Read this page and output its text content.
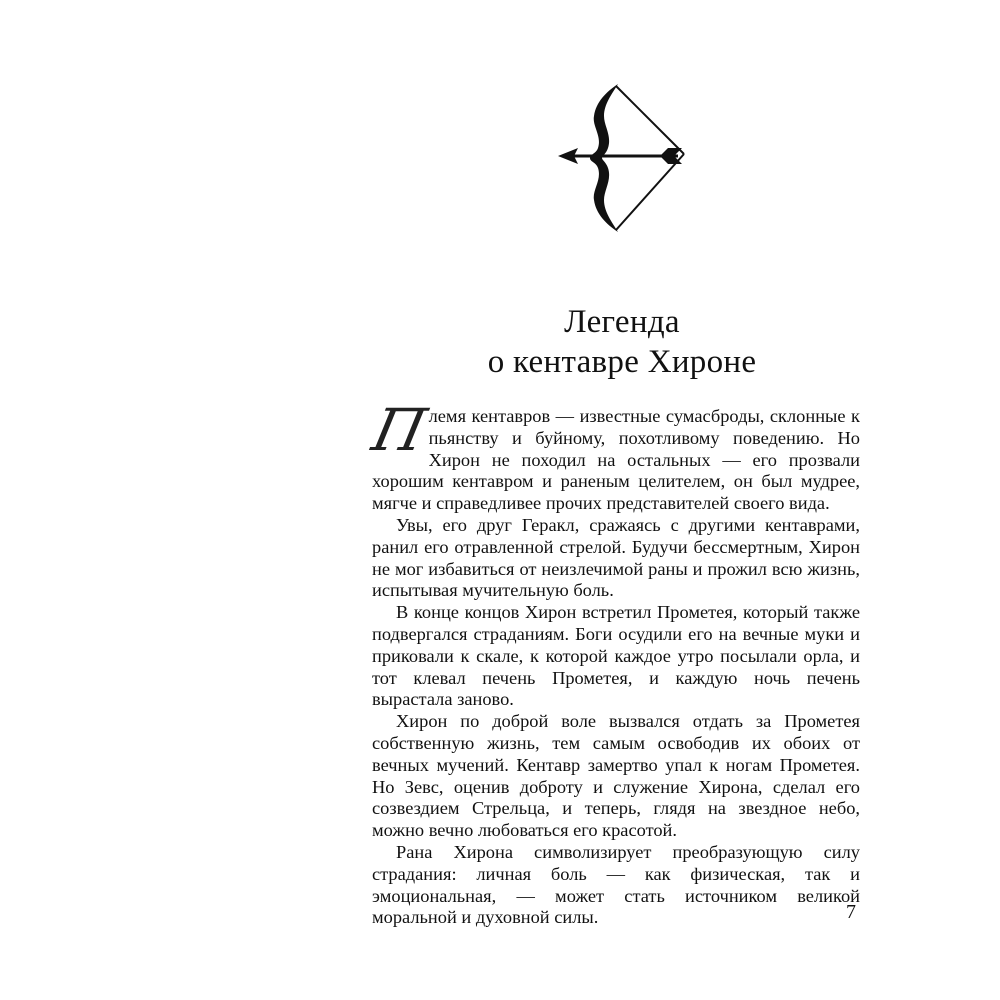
Легенда
о кентавре Хироне

П
лемя кентавров — известные сумасброды, склонные к пьянству и буйному, похотливому поведению. Но Хирон не походил на остальных — его прозвали хорошим кентавром и раненым целителем, он был мудрее, мягче и справедливее прочих представителей своего вида.

Увы, его друг Геракл, сражаясь с другими кентаврами, ранил его отравленной стрелой. Будучи бессмертным, Хирон не мог избавиться от неизлечимой раны и прожил всю жизнь, испытывая мучительную боль.

В конце концов Хирон встретил Прометея, который также подвергался страданиям. Боги осудили его на вечные муки и приковали к скале, к которой каждое утро посылали орла, и тот клевал печень Прометея, и каждую ночь печень вырастала заново.

Хирон по доброй воле вызвался отдать за Прометея собственную жизнь, тем самым освободив их обоих от вечных мучений. Кентавр замертво упал к ногам Прометея. Но Зевс, оценив доброту и служение Хирона, сделал его созвездием Стрельца, и теперь, глядя на звездное небо, можно вечно любоваться его красотой.

Рана Хирона символизирует преобразующую силу страдания: личная боль — как физическая, так и эмоциональная, — может стать источником великой моральной и духовной силы.	7
